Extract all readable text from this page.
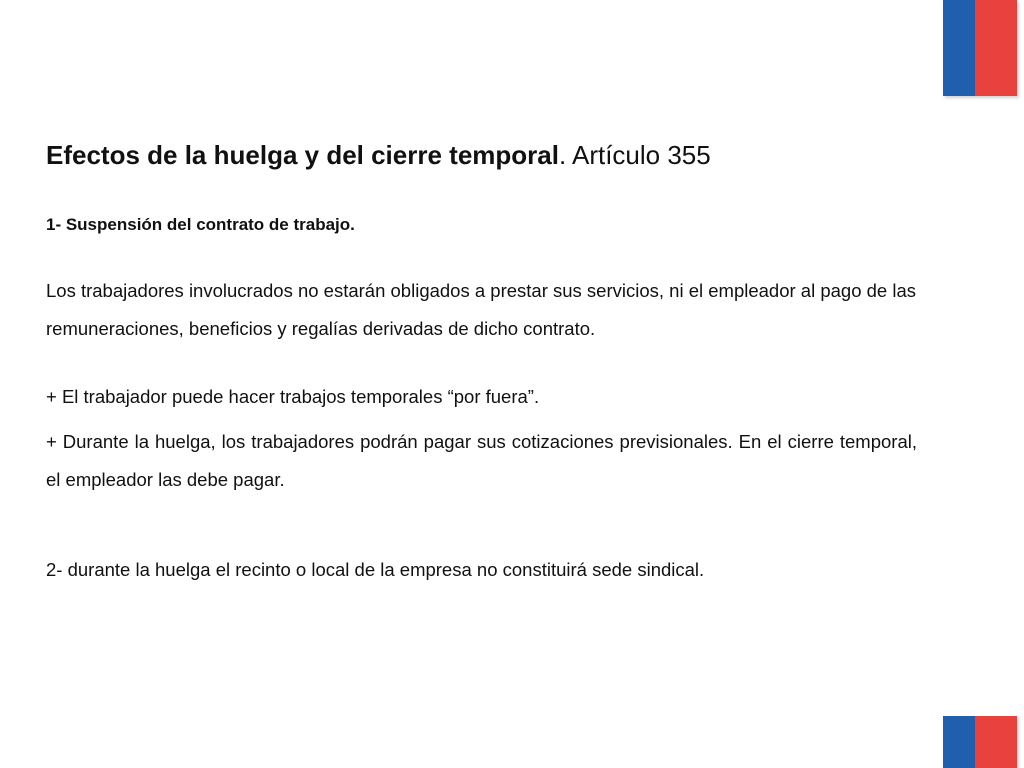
Efectos de la huelga y del cierre temporal. Artículo 355

1- Suspensión del contrato de trabajo.

Los trabajadores involucrados no estarán obligados a prestar sus servicios, ni el empleador al pago de las remuneraciones, beneficios y regalías derivadas de dicho contrato.

+ El trabajador puede hacer trabajos temporales “por fuera”.

+ Durante la huelga, los trabajadores podrán pagar sus cotizaciones previsionales. En el cierre temporal, el empleador las debe pagar.

2- durante la huelga el recinto o local de la empresa no constituirá sede sindical.
